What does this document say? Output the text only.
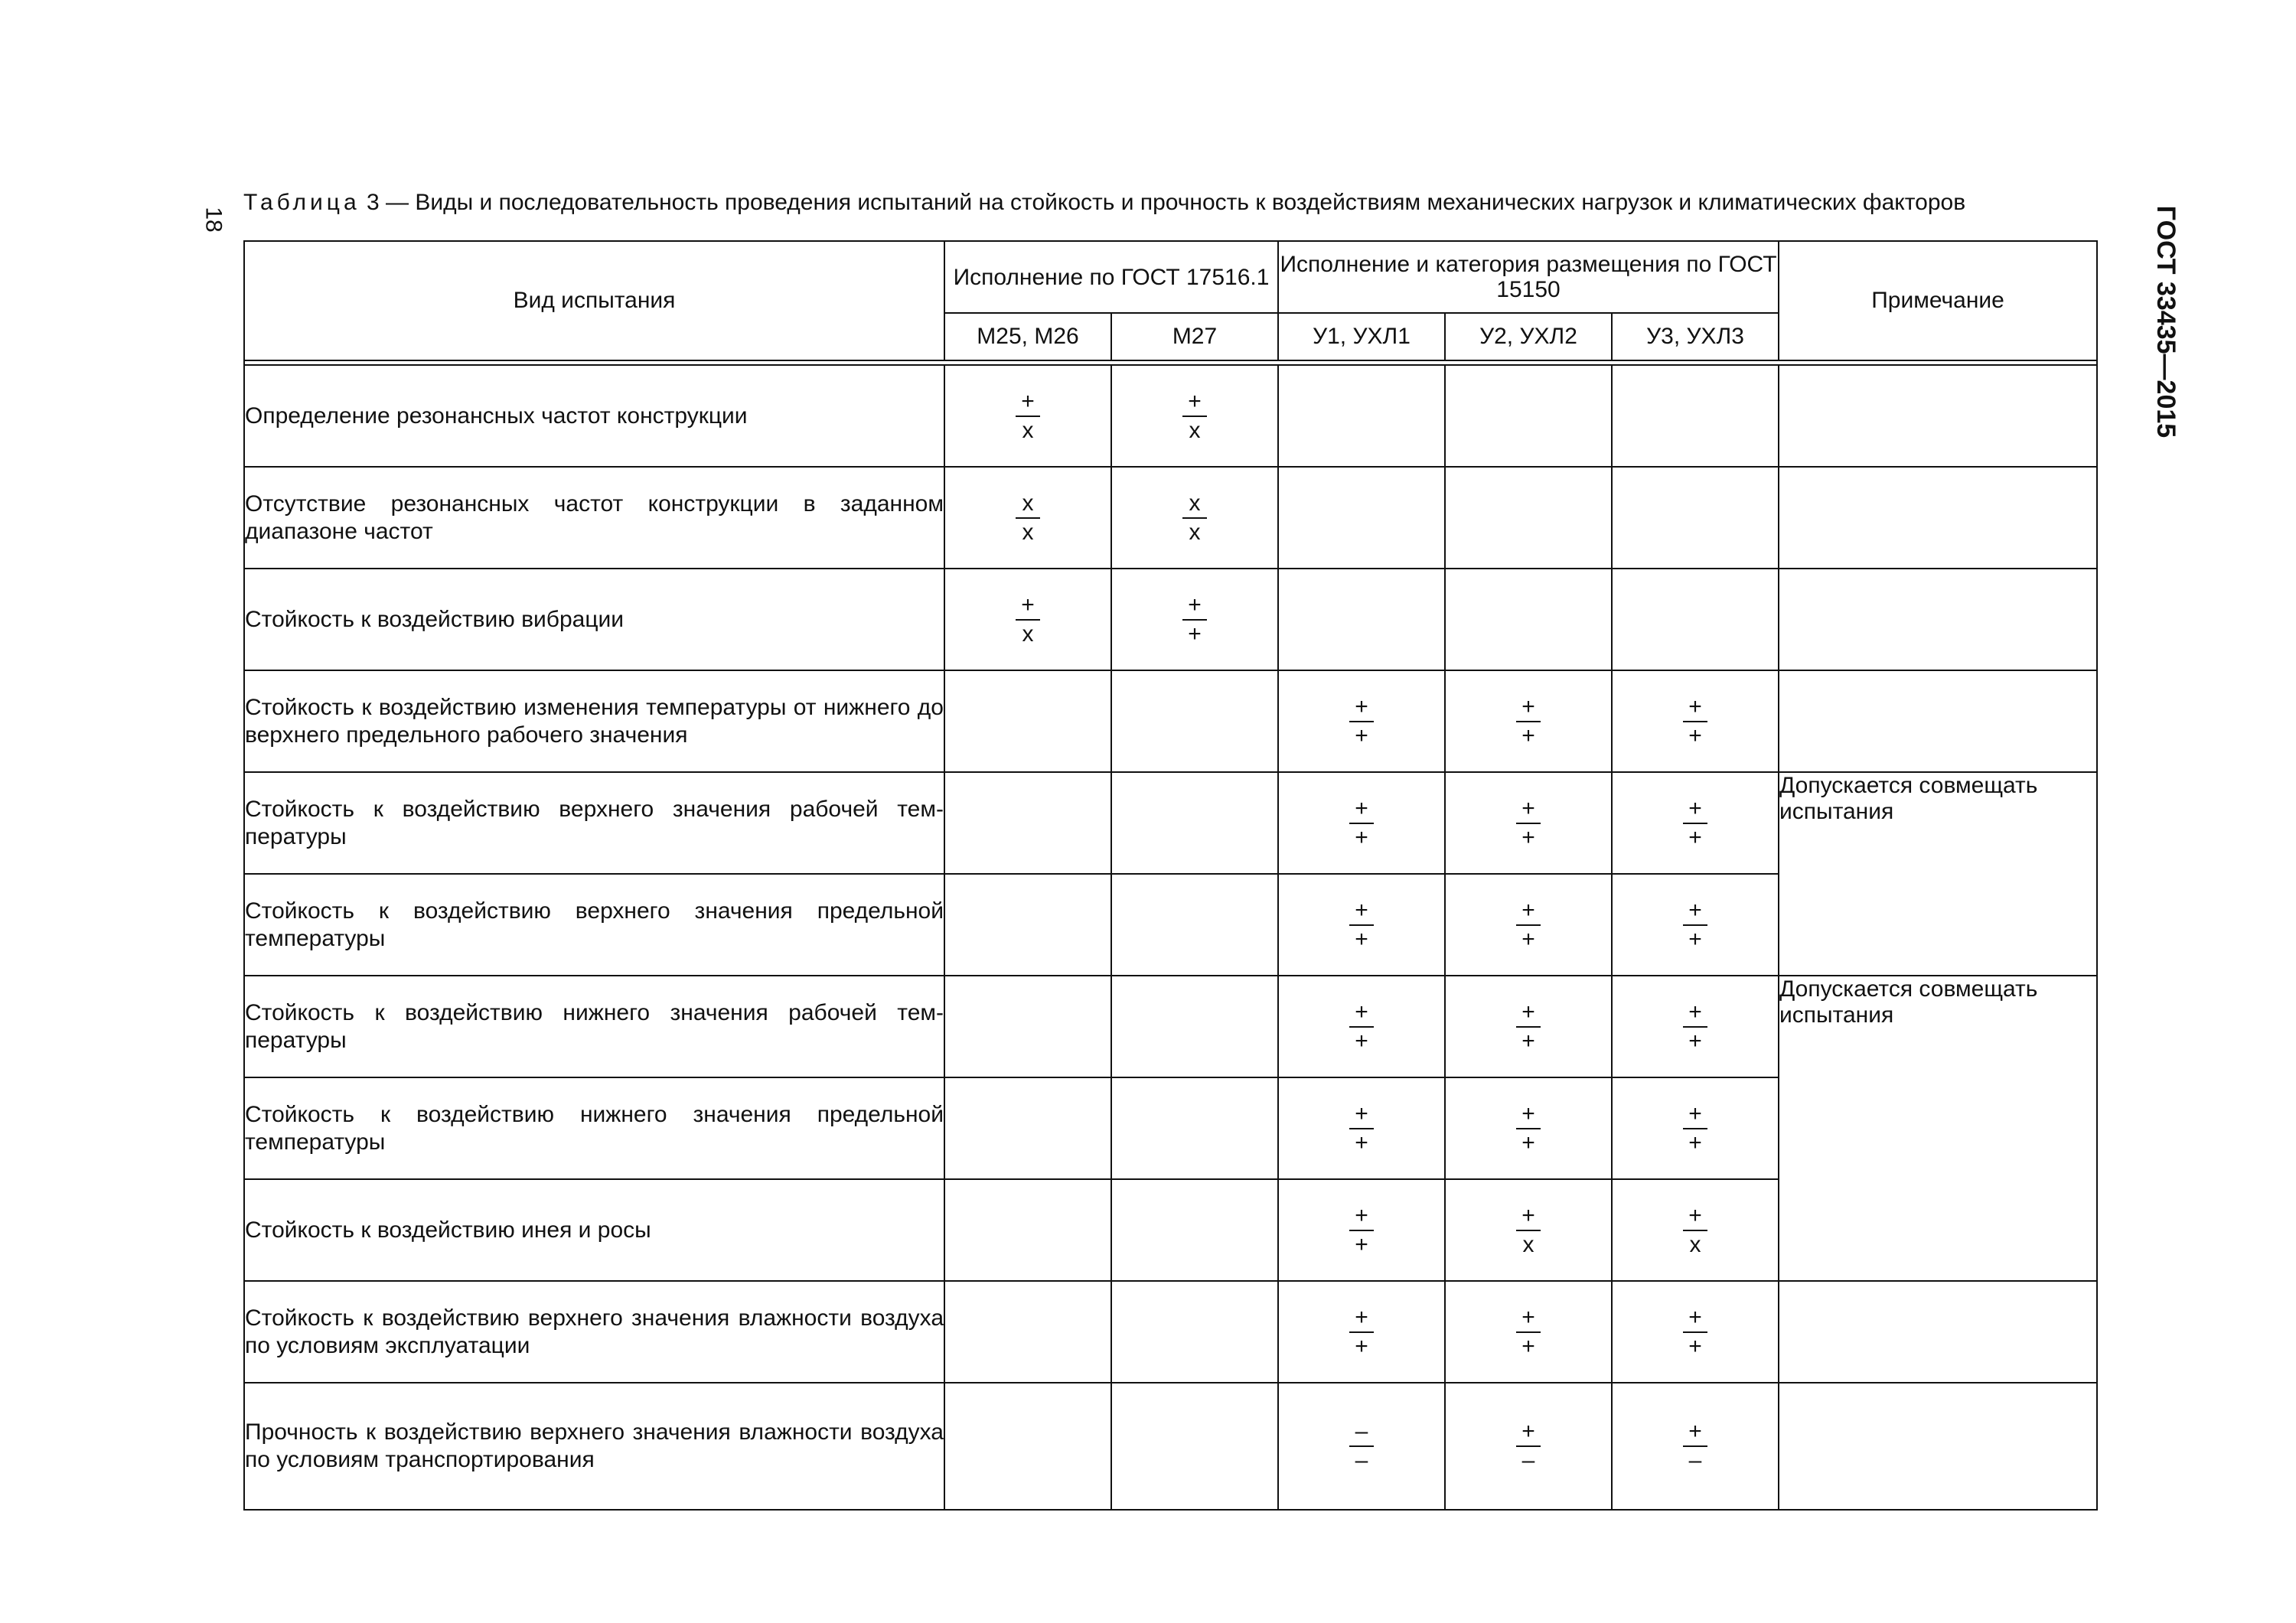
18	ГОСТ 33435—2015
Таблица 3 — Виды и последовательность проведения испытаний на стойкость и прочность к воздействиям механических нагрузок и климатических факторов
Вид испытания	Исполнение по ГОСТ 17516.1		Исполнение и категория размещения по ГОСТ 15150			Примечание
	М25, М26	М27	У1, УХЛ1	У2, УХЛ2	У3, УХЛ3	

Определение резонансных частот конструкции	$\frac{+}{x}$	$\frac{+}{x}$

Отсутствие резонансных частот конструкции в заданном диапазоне частот	$\frac{x}{x}$	$\frac{x}{x}$

Стойкость к воздействию вибрации	$\frac{+}{x}$	$\frac{+}{+}$

Стойкость к воздействию изменения температуры от нижнего до верхнего предельного рабочего значения			$\frac{+}{+}$	$\frac{+}{+}$	$\frac{+}{+}$

Стойкость к воздействию верхнего значения рабочей температуры			$\frac{+}{+}$	$\frac{+}{+}$	$\frac{+}{+}$	Допускается совмещать испытания
Стойкость к воздействию верхнего значения предельной температуры			$\frac{+}{+}$	$\frac{+}{+}$	$\frac{+}{+}$

Стойкость к воздействию нижнего значения рабочей температуры			$\frac{+}{+}$	$\frac{+}{+}$	$\frac{+}{+}$	Допускается совмещать испытания
Стойкость к воздействию нижнего значения предельной температуры			$\frac{+}{+}$	$\frac{+}{+}$	$\frac{+}{+}$

Стойкость к воздействию инея и росы			$\frac{+}{+}$	$\frac{+}{x}$	$\frac{+}{x}$

Стойкость к воздействию верхнего значения влажности воздуха по условиям эксплуатации			$\frac{+}{+}$	$\frac{+}{+}$	$\frac{+}{+}$

Прочность к воздействию верхнего значения влажности воздуха по условиям транспортирования			$\frac{-}{-}$	$\frac{+}{-}$	$\frac{+}{-}$
